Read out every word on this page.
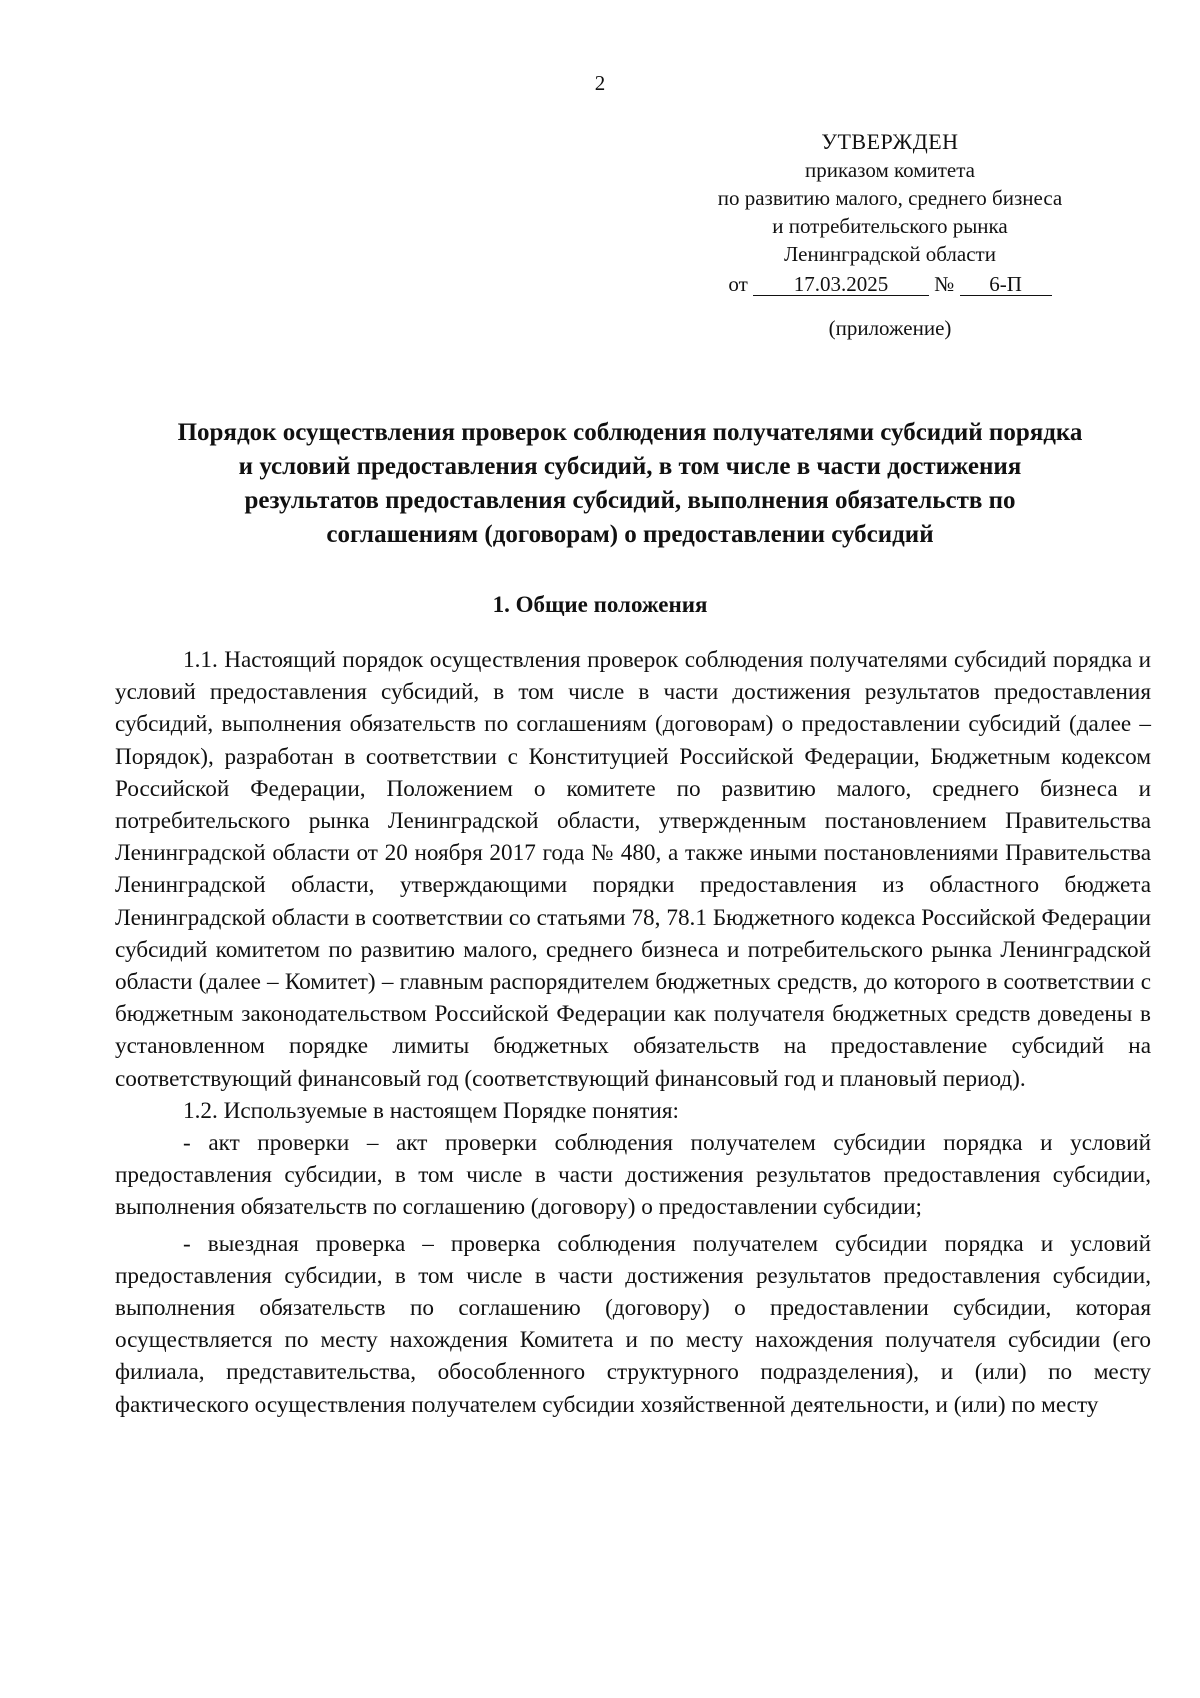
2
УТВЕРЖДЕН
приказом комитета
по развитию малого, среднего бизнеса
и потребительского рынка
Ленинградской области
от 17.03.2025 № 6-П
(приложение)
Порядок осуществления проверок соблюдения получателями субсидий порядка
и условий предоставления субсидий, в том числе в части достижения
результатов предоставления субсидий, выполнения обязательств по
соглашениям (договорам) о предоставлении субсидий
1. Общие положения

1.1. Настоящий порядок осуществления проверок соблюдения получателями субсидий порядка и условий предоставления субсидий, в том числе в части достижения результатов предоставления субсидий, выполнения обязательств по соглашениям (договорам) о предоставлении субсидий (далее – Порядок), разработан в соответствии с Конституцией Российской Федерации, Бюджетным кодексом Российской Федерации, Положением о комитете по развитию малого, среднего бизнеса и потребительского рынка Ленинградской области, утвержденным постановлением Правительства Ленинградской области от 20 ноября 2017 года № 480, а также иными постановлениями Правительства Ленинградской области, утверждающими порядки предоставления из областного бюджета Ленинградской области в соответствии со статьями 78, 78.1 Бюджетного кодекса Российской Федерации субсидий комитетом по развитию малого, среднего бизнеса и потребительского рынка Ленинградской области (далее – Комитет) – главным распорядителем бюджетных средств, до которого в соответствии с бюджетным законодательством Российской Федерации как получателя бюджетных средств доведены в установленном порядке лимиты бюджетных обязательств на предоставление субсидий на соответствующий финансовый год (соответствующий финансовый год и плановый период).

1.2. Используемые в настоящем Порядке понятия:

- акт проверки – акт проверки соблюдения получателем субсидии порядка и условий предоставления субсидии, в том числе в части достижения результатов предоставления субсидии, выполнения обязательств по соглашению (договору) о предоставлении субсидии;

- выездная проверка – проверка соблюдения получателем субсидии порядка и условий предоставления субсидии, в том числе в части достижения результатов предоставления субсидии, выполнения обязательств по соглашению (договору) о предоставлении субсидии, которая осуществляется по месту нахождения Комитета и по месту нахождения получателя субсидии (его филиала, представительства, обособленного структурного подразделения), и (или) по месту фактического осуществления получателем субсидии хозяйственной деятельности, и (или) по месту
